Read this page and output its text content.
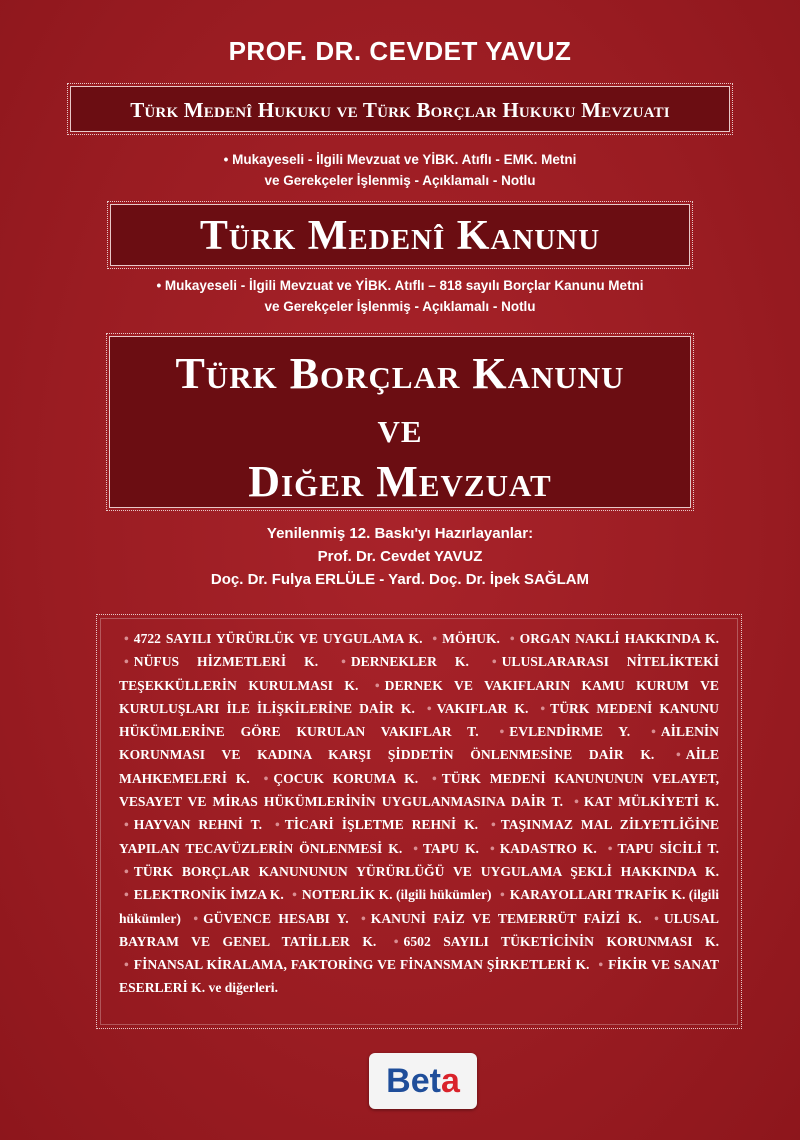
PROF. DR. CEVDET YAVUZ
Türk Medenî Hukuku ve Türk Borçlar Hukuku Mevzuatı
• Mukayeseli - İlgili Mevzuat ve YİBK. Atıflı - EMK. Metni
ve Gerekçeler İşlenmiş - Açıklamalı - Notlu
Türk Medenî Kanunu
• Mukayeseli - İlgili Mevzuat ve YİBK. Atıflı – 818 sayılı Borçlar Kanunu Metni
ve Gerekçeler İşlenmiş - Açıklamalı - Notlu
Türk Borçlar Kanunu
ve
Diğer Mevzuat
Yenilenmiş 12. Baskı'yı Hazırlayanlar:
Prof. Dr. Cevdet YAVUZ
Doç. Dr. Fulya ERLÜLE - Yard. Doç. Dr. İpek SAĞLAM
• 4722 SAYILI YÜRÜRLÜK VE UYGULAMA K. • MÖHUK. • ORGAN NAKLİ HAKKINDA K. • NÜFUS HİZMETLERİ K. • DERNEKLER K. • ULUSLARARASI NİTELİKTEKİ TEŞEKKÜLLERİN KURULMASI K. • DERNEK VE VAKIFLARIN KAMU KURUM VE KURULUŞLARI İLE İLİŞKİLERİNE DAİR K. • VAKIFLAR K. • TÜRK MEDENİ KANUNU HÜKÜMLERİNE GÖRE KURULAN VAKIFLAR T. • EVLENDİRME Y. • AİLENİN KORUNMASI VE KADINA KARŞI ŞİDDETİN ÖNLENMESİNE DAİR K. • AİLE MAHKEMELERİ K. • ÇOCUK KORUMA K. • TÜRK MEDENİ KANUNUNUN VELAYET, VESAYET VE MİRAS HÜKÜMLERİNİN UYGULANMASINA DAİR T. • KAT MÜLKİYETİ K. • HAYVAN REHNİ T. • TİCARİ İŞLETME REHNİ K. • TAŞINMAZ MAL ZİLYETLİĞİNE YAPILAN TECAVÜZLERİN ÖNLENMESİ K. • TAPU K. • KADASTRO K. • TAPU SİCİLİ T. • TÜRK BORÇLAR KANUNUNUN YÜRÜRLÜĞÜ VE UYGULAMA ŞEKLİ HAKKINDA K. • ELEKTRONİK İMZA K. • NOTERLİK K. (ilgili hükümler) • KARAYOLLARI TRAFİK K. (ilgili hükümler) • GÜVENCE HESABI Y. • KANUNİ FAİZ VE TEMERRÜT FAİZİ K. • ULUSAL BAYRAM VE GENEL TATİLLER K. • 6502 SAYILI TÜKETİCİNİN KORUNMASI K. • FİNANSAL KİRALAMA, FAKTORİNG VE FİNANSMAN ŞİRKETLERİ K. • FİKİR VE SANAT ESERLERİ K. ve diğerleri.
Beta
